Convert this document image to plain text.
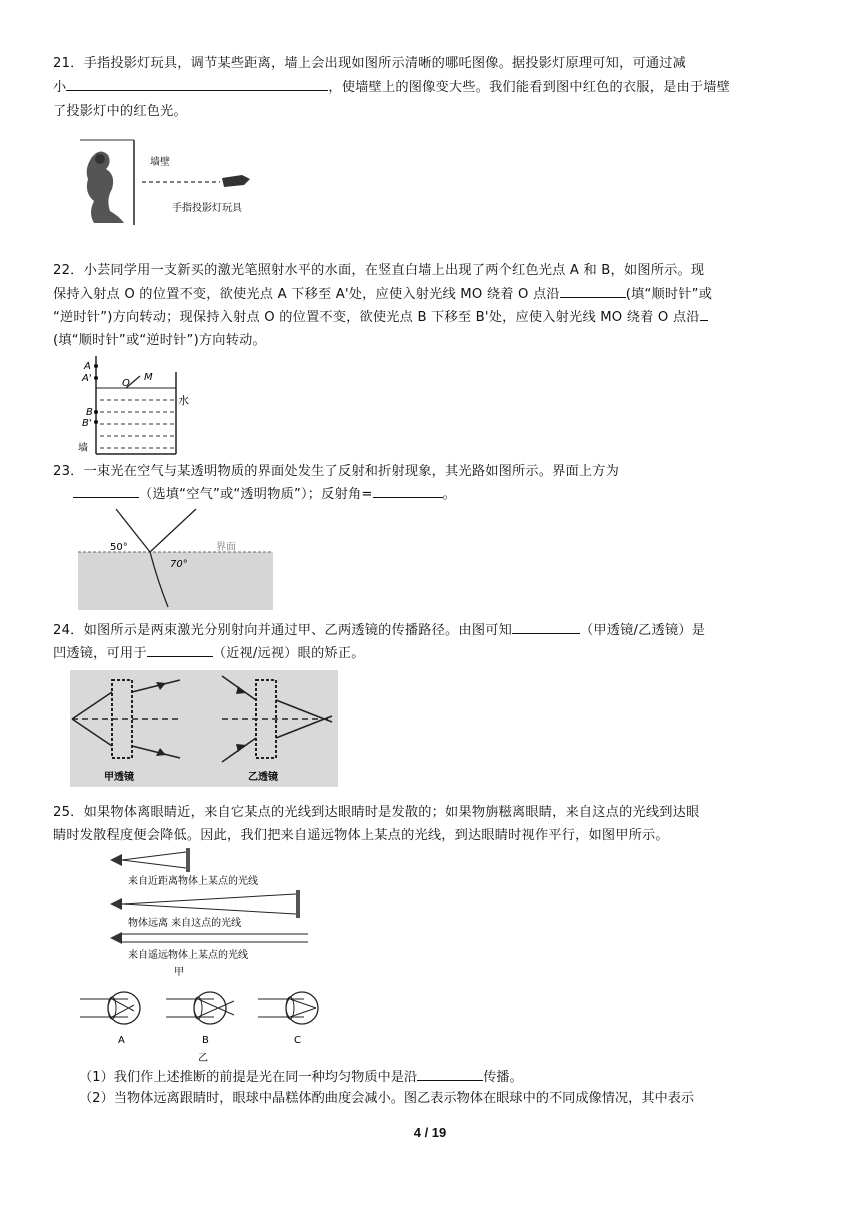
21．手指投影灯玩具，调节某些距离，墙上会出现如图所示清晰的哪吒图像。据投影灯原理可知，可通过减
小	，使墙壁上的图像变大些。我们能看到图中红色的衣服，是由于墙壁
了投影灯中的红色光。
墙壁
手指投影灯玩具
22．小芸同学用一支新买的激光笔照射水平的水面，在竖直白墙上出现了两个红色光点 A 和 B，如图所示。现
保持入射点 O 的位置不变，欲使光点 A 下移至 A'处，应使入射光线 MO 绕着 O 点沿	(填“顺时针”或
“逆时针”)方向转动；现保持入射点 O 的位置不变，欲使光点 B 下移至 B'处，应使入射光线 MO 绕着 O 点沿
(填“顺时针”或“逆时针”)方向转动。
A
A'	O
M
B
B'
水
墙
23．一束光在空气与某透明物质的界面处发生了反射和折射现象，其光路如图所示。界面上方为
（选填“空气”或“透明物质”）；反射角=	。
50°
70°
界面
24．如图所示是两束激光分别射向并通过甲、乙两透镜的传播路径。由图可知	（甲透镜/乙透镜）是
凹透镜，可用于	（近视/远视）眼的矫正。
甲透镜	乙透镜
25．如果物体离眼睛近，来自它某点的光线到达眼睛时是发散的；如果物旃糍离眼睛，来自这点的光线到达眼
睛时发散程度便会降低。因此，我们把来自遥远物体上某点的光线，到达眼睛时视作平行，如图甲所示。
来自近距离物体上某点的光线
物体远离 来自这点的光线
来自遥远物体上某点的光线
甲
A	B	C
乙
（1）我们作上述推断的前提是光在同一种均匀物质中是沿	传播。
（2）当物体远离跟睛时，眼球中晶糕体酌曲度会减小。图乙表示物体在眼球中的不同成像情况，其中表示
4 / 19
